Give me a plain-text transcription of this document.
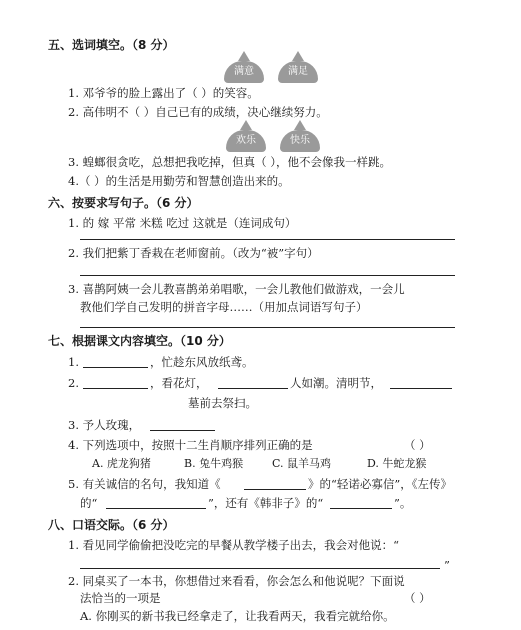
五、选词填空。（8 分）
满意	满足
1. 邓爷爷的脸上露出了（ ）的笑容。
2. 高伟明不（ ）自己已有的成绩，决心继续努力。
欢乐	快乐
3. 蝗螂很贪吃，总想把我吃掉，但真（ ），他不会像我一样跳。
4.（ ）的生活是用勤劳和智慧创造出来的。
六、按要求写句子。（6 分）
1. 的 嫁 平常 米糕 吃过 这就是（连词成句）
2. 我们把紫丁香栽在老师窗前。（改为“被”字句）
3. 喜鹊阿姨一会儿教喜鹊弟弟唱歌，一会儿教他们做游戏，一会儿
教他们学自己发明的拼音字母……（用加点词语写句子）
七、根据课文内容填空。（10 分）
1.	，忙趁东风放纸鸢。
2.	，看花灯，	人如潮。清明节，
墓前去祭扫。
3. 予人玫瑰，
4. 下列选项中，按照十二生肖顺序排列正确的是	（ ）
A. 虎龙狗猪	B. 兔牛鸡猴	C. 鼠羊马鸡	D. 牛蛇龙猴
5. 有关诚信的名句，我知道《	》的“轻诺必寡信”，《左传》
的“	”，还有《韩非子》的“	”。
八、口语交际。（6 分）
1. 看见同学偷偷把没吃完的早餐从教学楼子出去，我会对他说：“
”
2. 同桌买了一本书，你想借过来看看，你会怎么和他说呢？下面说
法恰当的一项是	（ ）
A. 你刚买的新书我已经拿走了，让我看两天，我看完就给你。
